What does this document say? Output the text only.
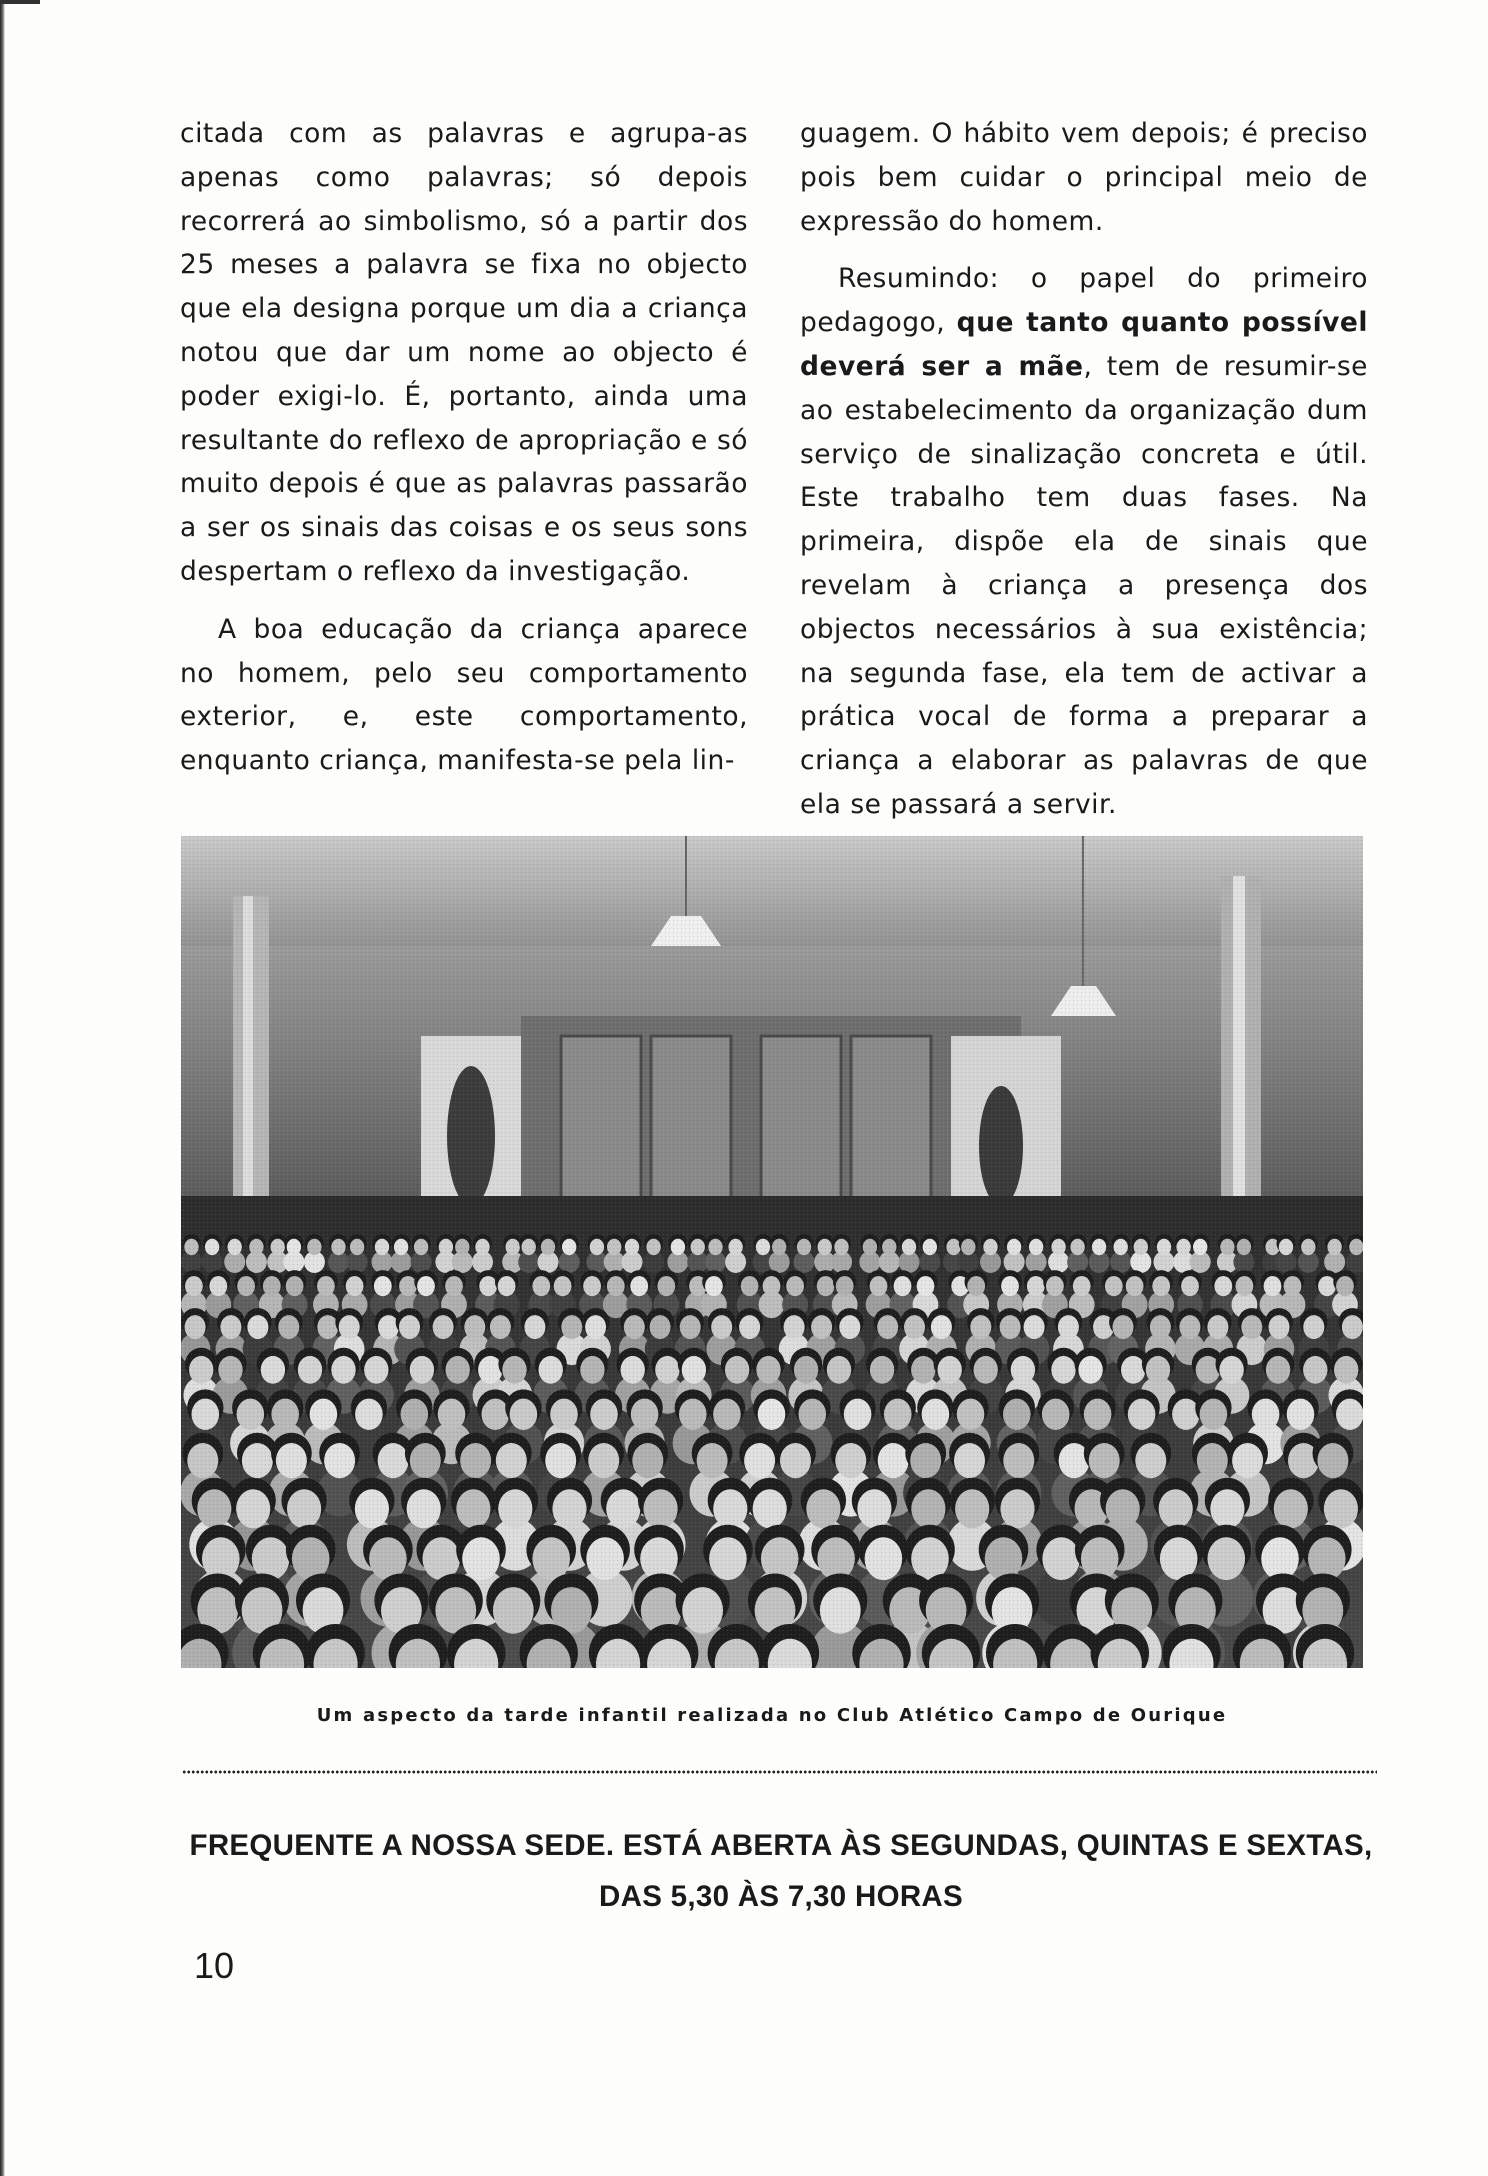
citada com as palavras e agrupa-as apenas como palavras; só depois recorrerá ao simbolismo, só a partir dos 25 meses a palavra se fixa no objecto que ela designa porque um dia a criança notou que dar um nome ao objecto é poder exigi-lo. É, portanto, ainda uma resultante do reflexo de apropriação e só muito depois é que as palavras passarão a ser os sinais das coisas e os seus sons despertam o reflexo da investigação.

A boa educação da criança aparece no homem, pelo seu comportamento exterior, e, este comportamento, enquanto criança, manifesta-se pela lin-

guagem. O hábito vem depois; é preciso pois bem cuidar o principal meio de expressão do homem.

Resumindo: o papel do primeiro pedagogo, que tanto quanto possível deverá ser a mãe, tem de resumir-se ao estabelecimento da organização dum serviço de sinalização concreta e útil. Este trabalho tem duas fases. Na primeira, dispõe ela de sinais que revelam à criança a presença dos objectos necessários à sua existência; na segunda fase, ela tem de activar a prática vocal de forma a preparar a criança a elaborar as palavras de que ela se passará a servir.

Um aspecto da tarde infantil realizada no Club Atlético Campo de Ourique
FREQUENTE A NOSSA SEDE. ESTÁ ABERTA ÀS SEGUNDAS, QUINTAS E SEXTAS,
DAS 5,30 ÀS 7,30 HORAS
10
